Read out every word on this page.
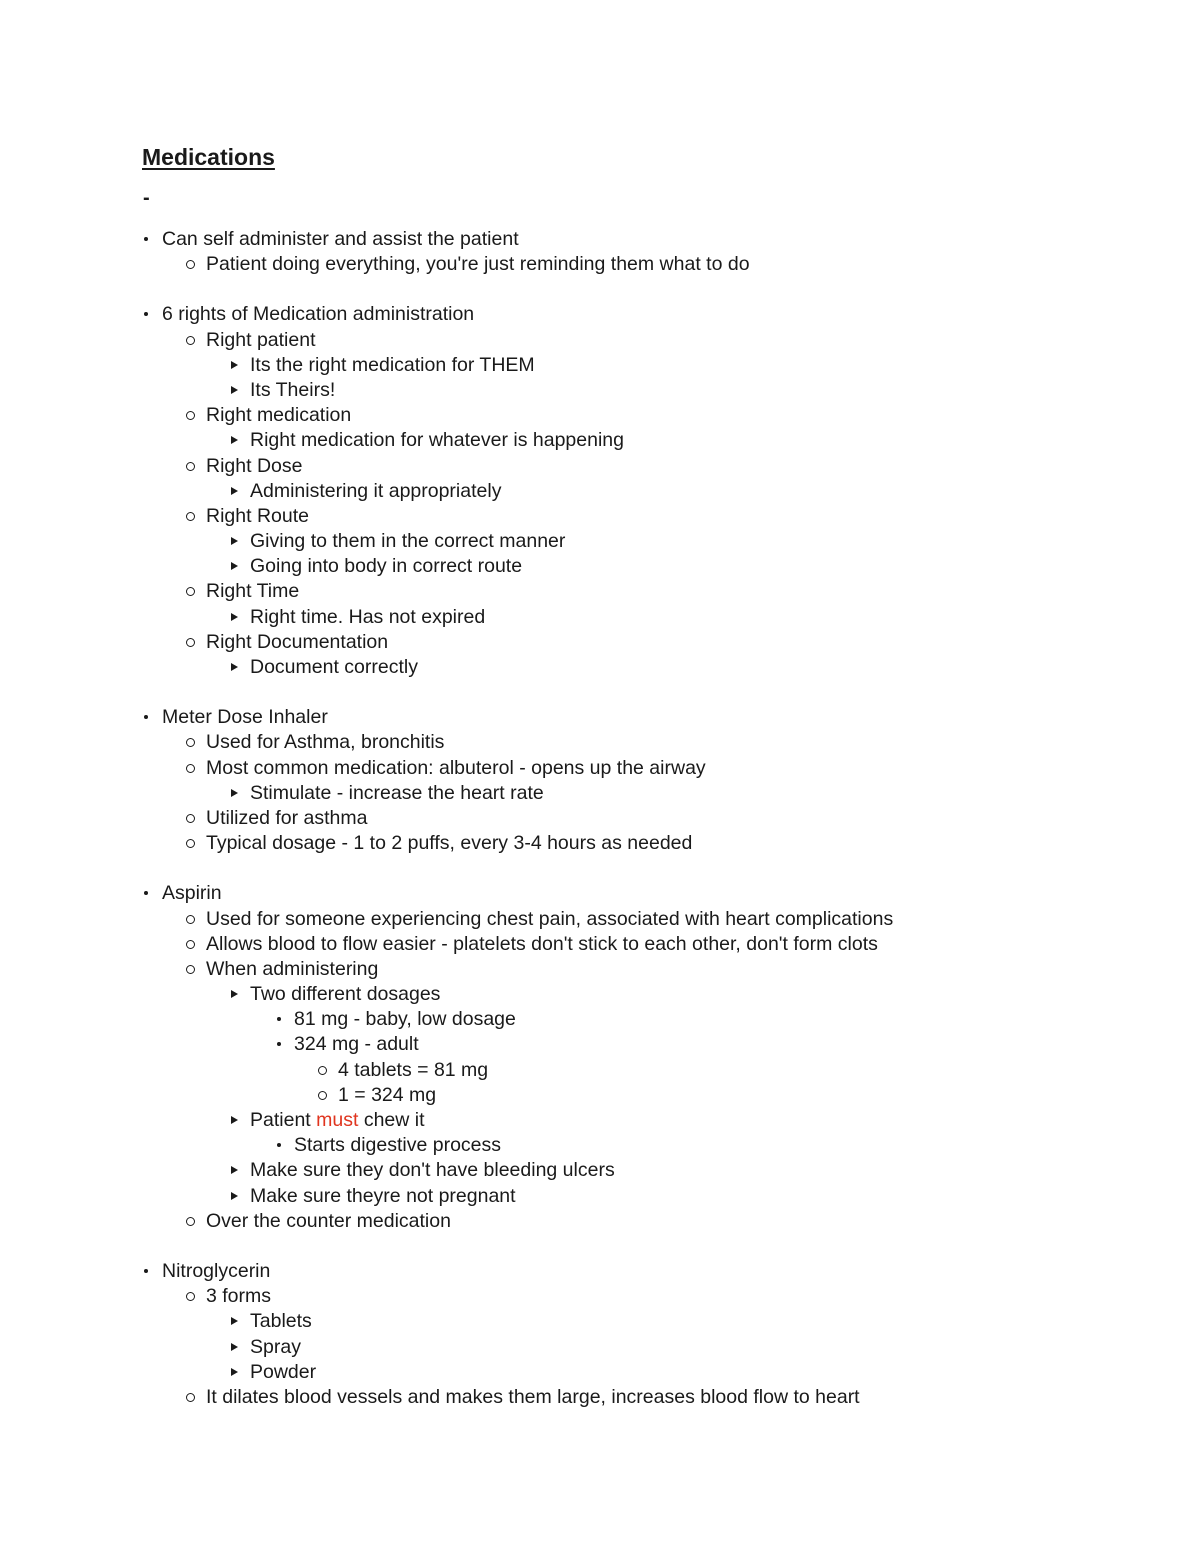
Medications
-
Can self administer and assist the patient
Patient doing everything, you're just reminding them what to do
6 rights of Medication administration
Right patient
Its the right medication for THEM
Its Theirs!
Right medication
Right medication for whatever is happening
Right Dose
Administering it appropriately
Right Route
Giving to them in the correct manner
Going into body in correct route
Right Time
Right time. Has not expired
Right Documentation
Document correctly
Meter Dose Inhaler
Used for Asthma, bronchitis
Most common medication: albuterol - opens up the airway
Stimulate - increase the heart rate
Utilized for asthma
Typical dosage - 1 to 2 puffs, every 3-4 hours as needed
Aspirin
Used for someone experiencing chest pain, associated with heart complications
Allows blood to flow easier - platelets don't stick to each other, don't form clots
When administering
Two different dosages
81 mg - baby, low dosage
324 mg - adult
4 tablets = 81 mg
1 = 324 mg
Patient must chew it
Starts digestive process
Make sure they don't have bleeding ulcers
Make sure theyre not pregnant
Over the counter medication
Nitroglycerin
3 forms
Tablets
Spray
Powder
It dilates blood vessels and makes them large, increases blood flow to heart
